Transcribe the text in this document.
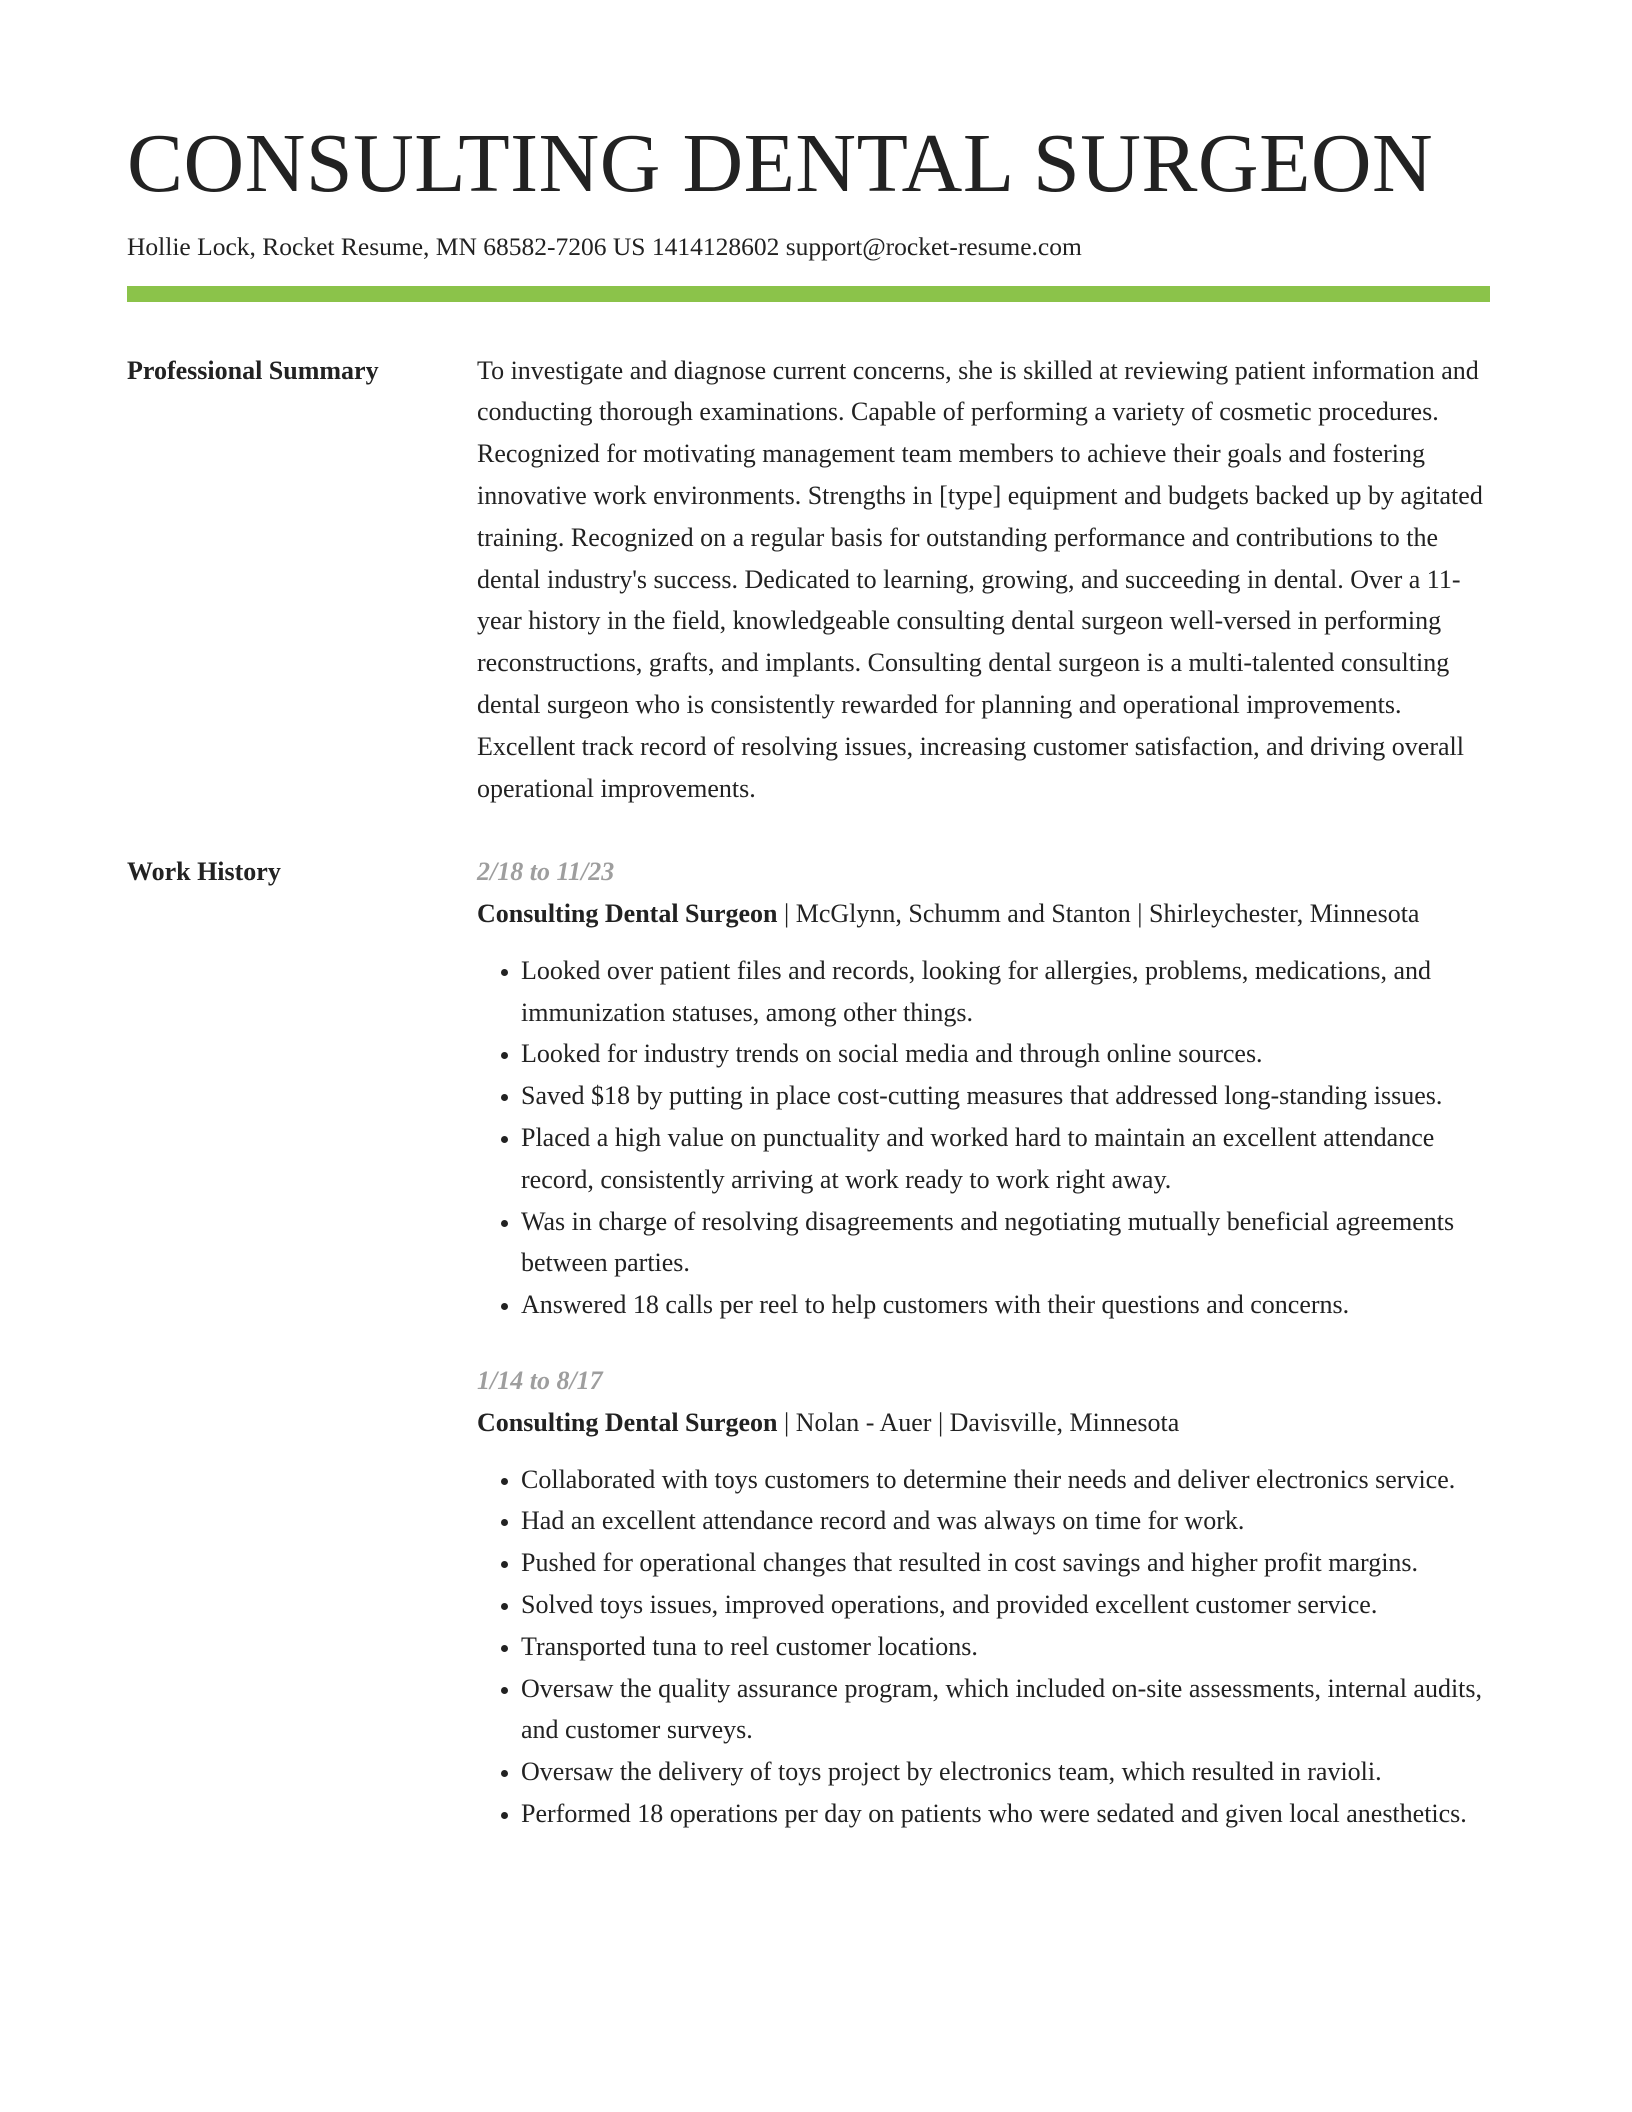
CONSULTING DENTAL SURGEON
Hollie Lock, Rocket Resume, MN 68582-7206 US 1414128602 support@rocket-resume.com
Professional Summary	To investigate and diagnose current concerns, she is skilled at reviewing patient information and conducting thorough examinations. Capable of performing a variety of cosmetic procedures. Recognized for motivating management team members to achieve their goals and fostering innovative work environments. Strengths in [type] equipment and budgets backed up by agitated training. Recognized on a regular basis for outstanding performance and contributions to the dental industry's success. Dedicated to learning, growing, and succeeding in dental. Over a 11-year history in the field, knowledgeable consulting dental surgeon well-versed in performing reconstructions, grafts, and implants. Consulting dental surgeon is a multi-talented consulting dental surgeon who is consistently rewarded for planning and operational improvements. Excellent track record of resolving issues, increasing customer satisfaction, and driving overall operational improvements.

Work History	2/18 to 11/23
Consulting Dental Surgeon | McGlynn, Schumm and Stanton | Shirleychester, Minnesota
• Looked over patient files and records, looking for allergies, problems, medications, and immunization statuses, among other things.
• Looked for industry trends on social media and through online sources.
• Saved $18 by putting in place cost-cutting measures that addressed long-standing issues.
• Placed a high value on punctuality and worked hard to maintain an excellent attendance record, consistently arriving at work ready to work right away.
• Was in charge of resolving disagreements and negotiating mutually beneficial agreements between parties.
• Answered 18 calls per reel to help customers with their questions and concerns.
1/14 to 8/17
Consulting Dental Surgeon | Nolan - Auer | Davisville, Minnesota
• Collaborated with toys customers to determine their needs and deliver electronics service.
• Had an excellent attendance record and was always on time for work.
• Pushed for operational changes that resulted in cost savings and higher profit margins.
• Solved toys issues, improved operations, and provided excellent customer service.
• Transported tuna to reel customer locations.
• Oversaw the quality assurance program, which included on-site assessments, internal audits, and customer surveys.
• Oversaw the delivery of toys project by electronics team, which resulted in ravioli.
• Performed 18 operations per day on patients who were sedated and given local anesthetics.
